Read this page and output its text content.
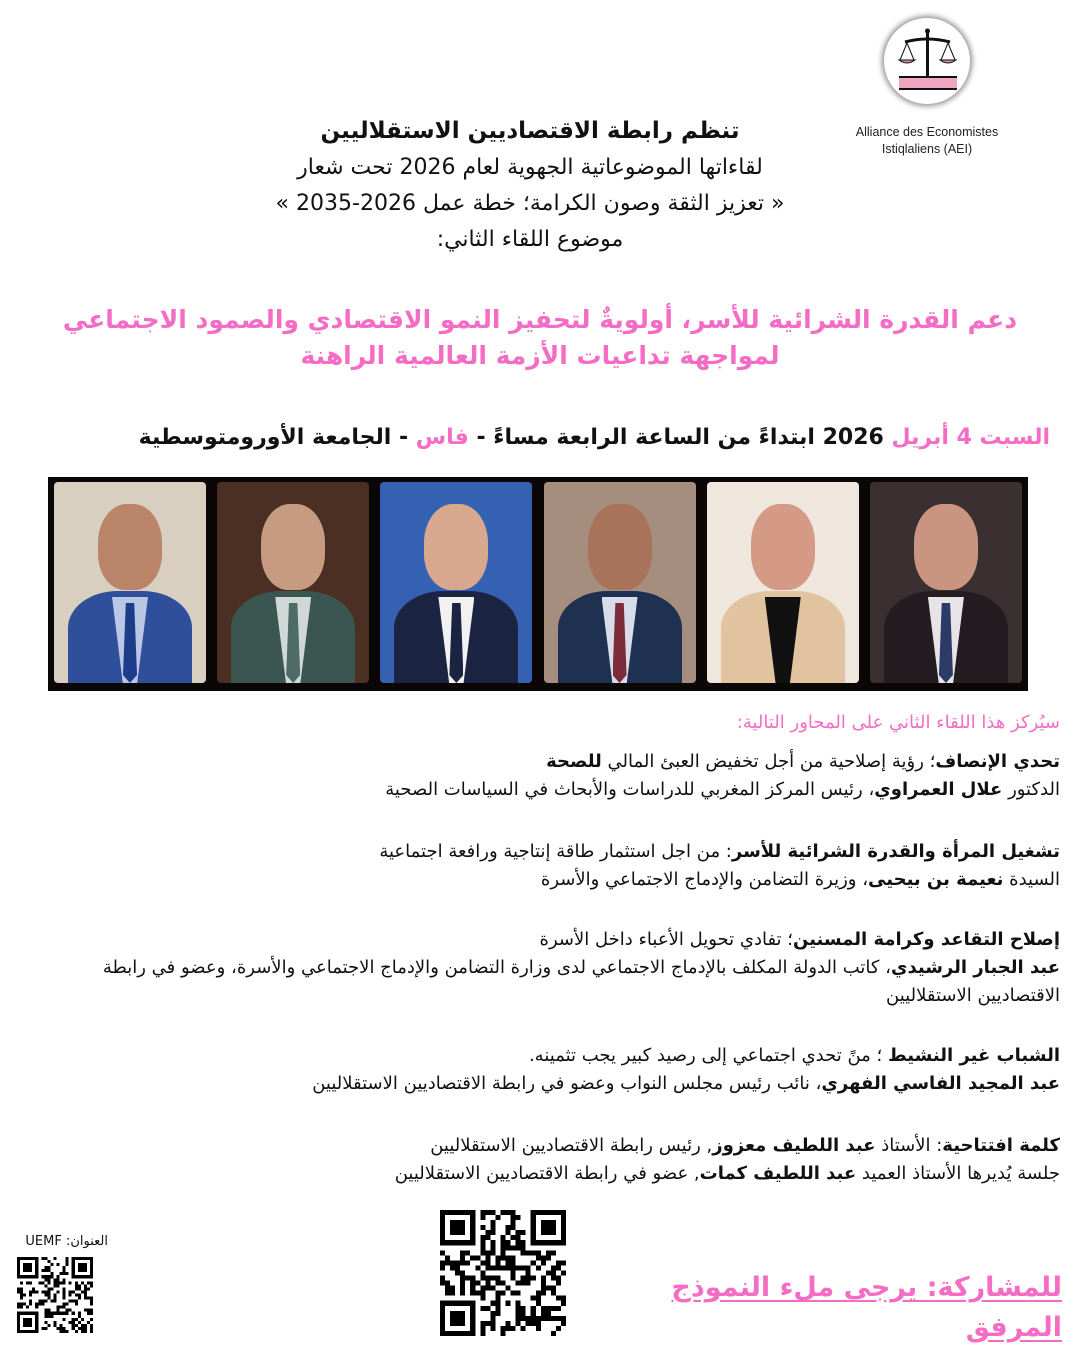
Alliance des Economistes
Istiqlaliens (AEI)
تنظم رابطة الاقتصاديين الاستقلاليين
لقاءاتها الموضوعاتية الجهوية لعام 2026 تحت شعار
« تعزيز الثقة وصون الكرامة؛ خطة عمل 2026-2035 »
موضوع اللقاء الثاني:
دعم القدرة الشرائية للأسر، أولويةٌ لتحفيز النمو الاقتصادي والصمود الاجتماعي
لمواجهة تداعيات الأزمة العالمية الراهنة
السبت 4 أبريل 2026 ابتداءً من الساعة الرابعة مساءً - فاس - الجامعة الأورومتوسطية
سيُركز هذا اللقاء الثاني على المحاور التالية:
تحدي الإنصاف؛ رؤية إصلاحية من أجل تخفيض العبئ المالي للصحة
الدكتور علال العمراوي، رئيس المركز المغربي للدراسات والأبحاث في السياسات الصحية
تشغيل المرأة والقدرة الشرائية للأسر: من اجل استثمار طاقة إنتاجية ورافعة اجتماعية
السيدة نعيمة بن بيحيى، وزيرة التضامن والإدماج الاجتماعي والأسرة
إصلاح التقاعد وكرامة المسنين؛ تفادي تحويل الأعباء داخل الأسرة
عبد الجبار الرشيدي، كاتب الدولة المكلف بالإدماج الاجتماعي لدى وزارة التضامن والإدماج الاجتماعي والأسرة، وعضو في رابطة الاقتصاديين الاستقلاليين
الشباب غير النشيط ؛ منً تحدي اجتماعي إلى رصيد كبير يجب تثمينه.
عبد المجيد الفاسي الفهري، نائب رئيس مجلس النواب وعضو في رابطة الاقتصاديين الاستقلاليين
كلمة افتتاحية: الأستاذ عبد اللطيف معزوز, رئيس رابطة الاقتصاديين الاستقلاليين
جلسة يُديرها الأستاذ العميد عبد اللطيف كمات, عضو في رابطة الاقتصاديين الاستقلاليين
العنوان: UEMF
للمشاركة: يرجى ملء النموذج المرفق
